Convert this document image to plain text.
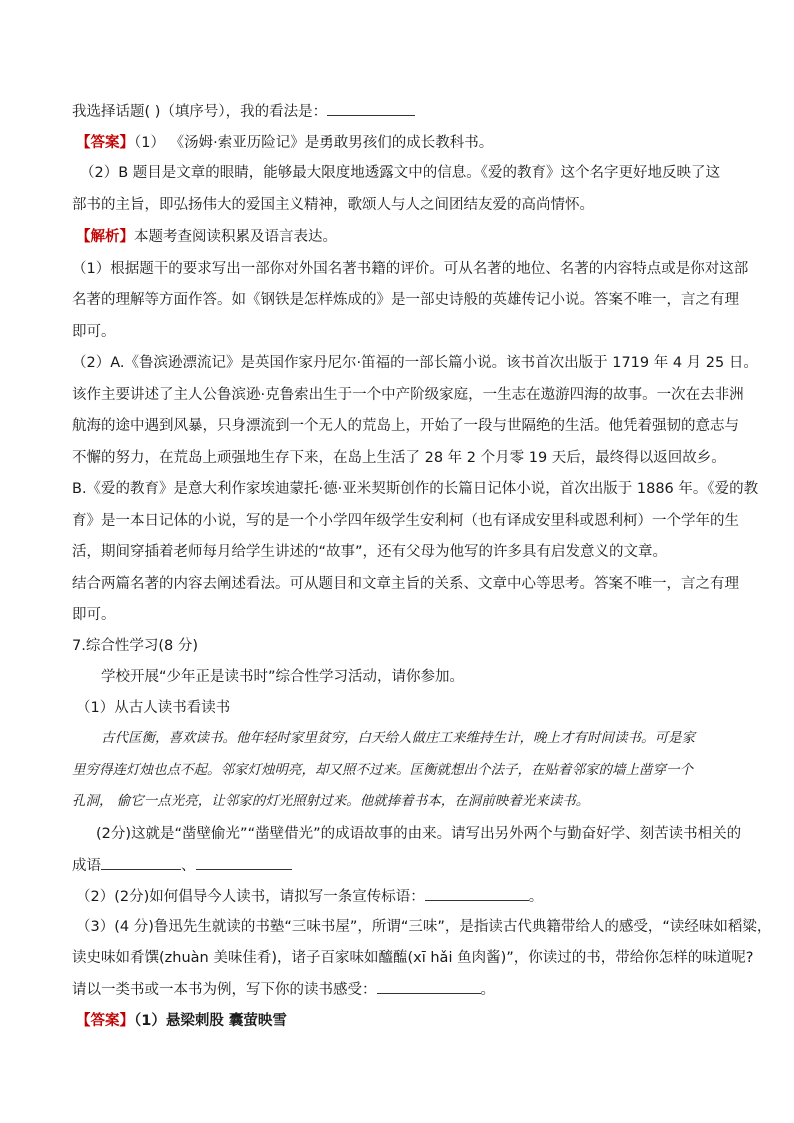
我选择话题( )（填序号），我的看法是：
【答案】（1） 《汤姆·索亚历险记》是勇敢男孩们的成长教科书。
（2）B 题目是文章的眼睛，能够最大限度地透露文中的信息。《爱的教育》这个名字更好地反映了这
部书的主旨，即弘扬伟大的爱国主义精神，歌颂人与人之间团结友爱的高尚情怀。
【解析】本题考查阅读积累及语言表达。
（1）根据题干的要求写出一部你对外国名著书籍的评价。可从名著的地位、名著的内容特点或是你对这部
名著的理解等方面作答。如《钢铁是怎样炼成的》是一部史诗般的英雄传记小说。答案不唯一，言之有理
即可。
（2）A.《鲁滨逊漂流记》是英国作家丹尼尔·笛福的一部长篇小说。该书首次出版于 1719 年 4 月 25 日。
该作主要讲述了主人公鲁滨逊·克鲁索出生于一个中产阶级家庭，一生志在遨游四海的故事。一次在去非洲
航海的途中遇到风暴，只身漂流到一个无人的荒岛上，开始了一段与世隔绝的生活。他凭着强韧的意志与
不懈的努力，在荒岛上顽强地生存下来，在岛上生活了 28 年 2 个月零 19 天后，最终得以返回故乡。
B.《爱的教育》是意大利作家埃迪蒙托·德·亚米契斯创作的长篇日记体小说，首次出版于 1886 年。《爱的教
育》是一本日记体的小说，写的是一个小学四年级学生安利柯（也有译成安里科或恩利柯）一个学年的生
活，期间穿插着老师每月给学生讲述的“故事”，还有父母为他写的许多具有启发意义的文章。
结合两篇名著的内容去阐述看法。可从题目和文章主旨的关系、文章中心等思考。答案不唯一，言之有理
即可。
7.综合性学习(8 分)
学校开展“少年正是读书时”综合性学习活动，请你参加。
（1）从古人读书看读书
古代匡衡，喜欢读书。他年轻时家里贫穷，白天给人做庄工来维持生计，晚上才有时间读书。可是家
里穷得连灯烛也点不起。邻家灯烛明亮，却又照不过来。匡衡就想出个法子，在贴着邻家的墙上凿穿一个
孔洞， 偷它一点光亮，让邻家的灯光照射过来。他就捧着书本，在洞前映着光来读书。
(2分)这就是“凿壁偷光”“凿壁借光”的成语故事的由来。请写出另外两个与勤奋好学、刻苦读书相关的
成语	、
（2）(2分)如何倡导今人读书，请拟写一条宣传标语：	。
（3）(4 分)鲁迅先生就读的书塾“三味书屋”，所谓“三味”，是指读古代典籍带给人的感受，“读经味如稻粱，
读史味如肴馔(zhuàn 美味佳肴)，诸子百家味如醯醢(xī hǎi 鱼肉酱)”，你读过的书，带给你怎样的味道呢?
请以一类书或一本书为例，写下你的读书感受：	。
【答案】（1）悬梁刺股 囊萤映雪
